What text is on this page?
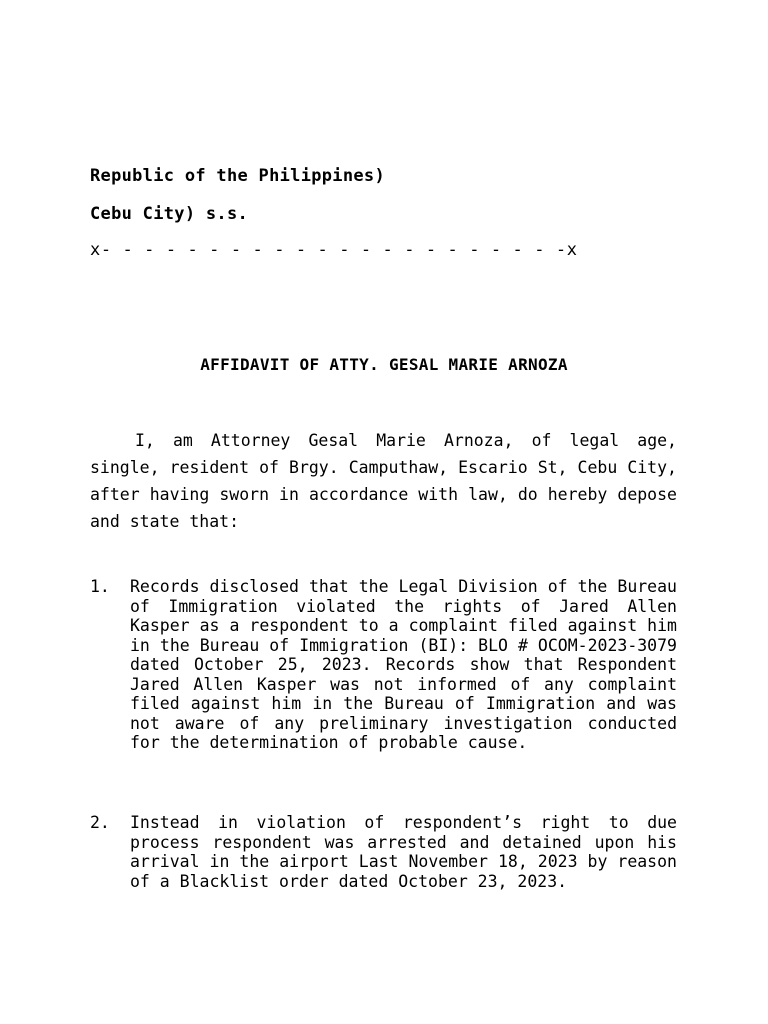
Republic of the Philippines)
Cebu City) s.s.
x- - - - - - - - - - - - - - - - - - - - - -x
AFFIDAVIT OF ATTY. GESAL MARIE ARNOZA

I, am Attorney Gesal Marie Arnoza, of legal age, single, resident of Brgy. Camputhaw, Escario St, Cebu City, after having sworn in accordance with law, do hereby depose and state that:

1. Records disclosed that the Legal Division of the Bureau of Immigration violated the rights of Jared Allen Kasper as a respondent to a complaint filed against him in the Bureau of Immigration (BI): BLO # OCOM-2023-3079 dated October 25, 2023. Records show that Respondent Jared Allen Kasper was not informed of any complaint filed against him in the Bureau of Immigration and was not aware of any preliminary investigation conducted for the determination of probable cause.

2. Instead in violation of respondent’s right to due process respondent was arrested and detained upon his arrival in the airport Last November 18, 2023 by reason of a Blacklist order dated October 23, 2023.
